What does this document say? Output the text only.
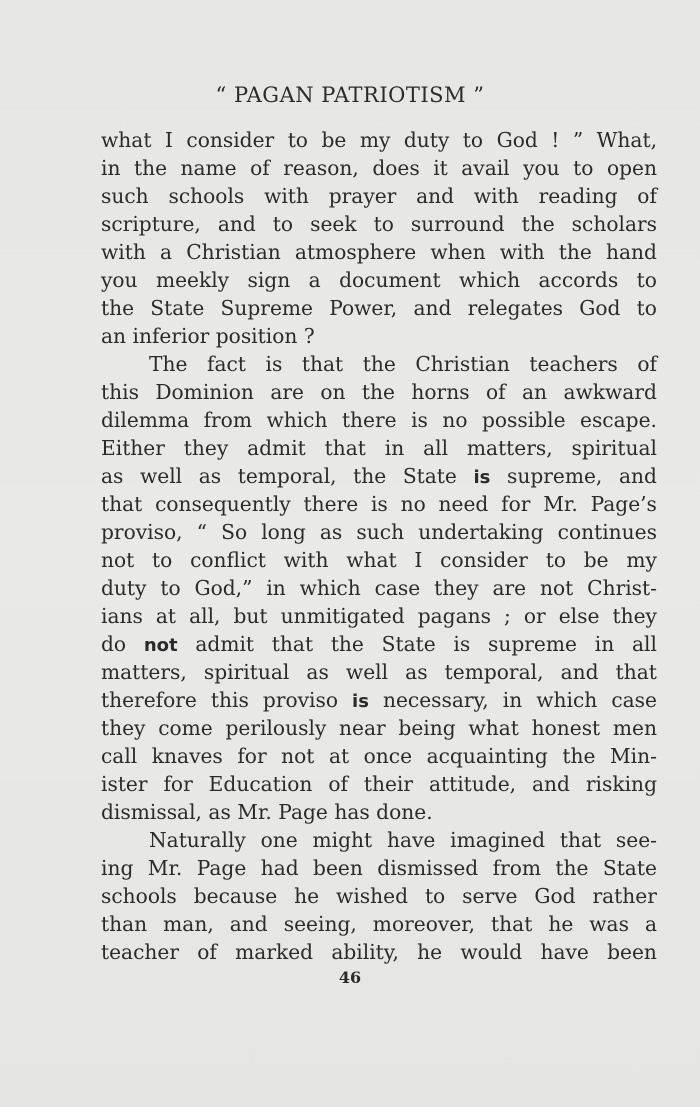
“ PAGAN PATRIOTISM ”
what I consider to be my duty to God ! ” What,
in the name of reason, does it avail you to open
such schools with prayer and with reading of
scripture, and to seek to surround the scholars
with a Christian atmosphere when with the hand
you meekly sign a document which accords to
the State Supreme Power, and relegates God to
an inferior position ?
The fact is that the Christian teachers of
this Dominion are on the horns of an awkward
dilemma from which there is no possible escape.
Either they admit that in all matters, spiritual
as well as temporal, the State is supreme, and
that consequently there is no need for Mr. Page’s
proviso, “ So long as such undertaking continues
not to conflict with what I consider to be my
duty to God,” in which case they are not Christ-
ians at all, but unmitigated pagans ; or else they
do not admit that the State is supreme in all
matters, spiritual as well as temporal, and that
therefore this proviso is necessary, in which case
they come perilously near being what honest men
call knaves for not at once acquainting the Min-
ister for Education of their attitude, and risking
dismissal, as Mr. Page has done.
Naturally one might have imagined that see-
ing Mr. Page had been dismissed from the State
schools because he wished to serve God rather
than man, and seeing, moreover, that he was a
teacher of marked ability, he would have been
46
